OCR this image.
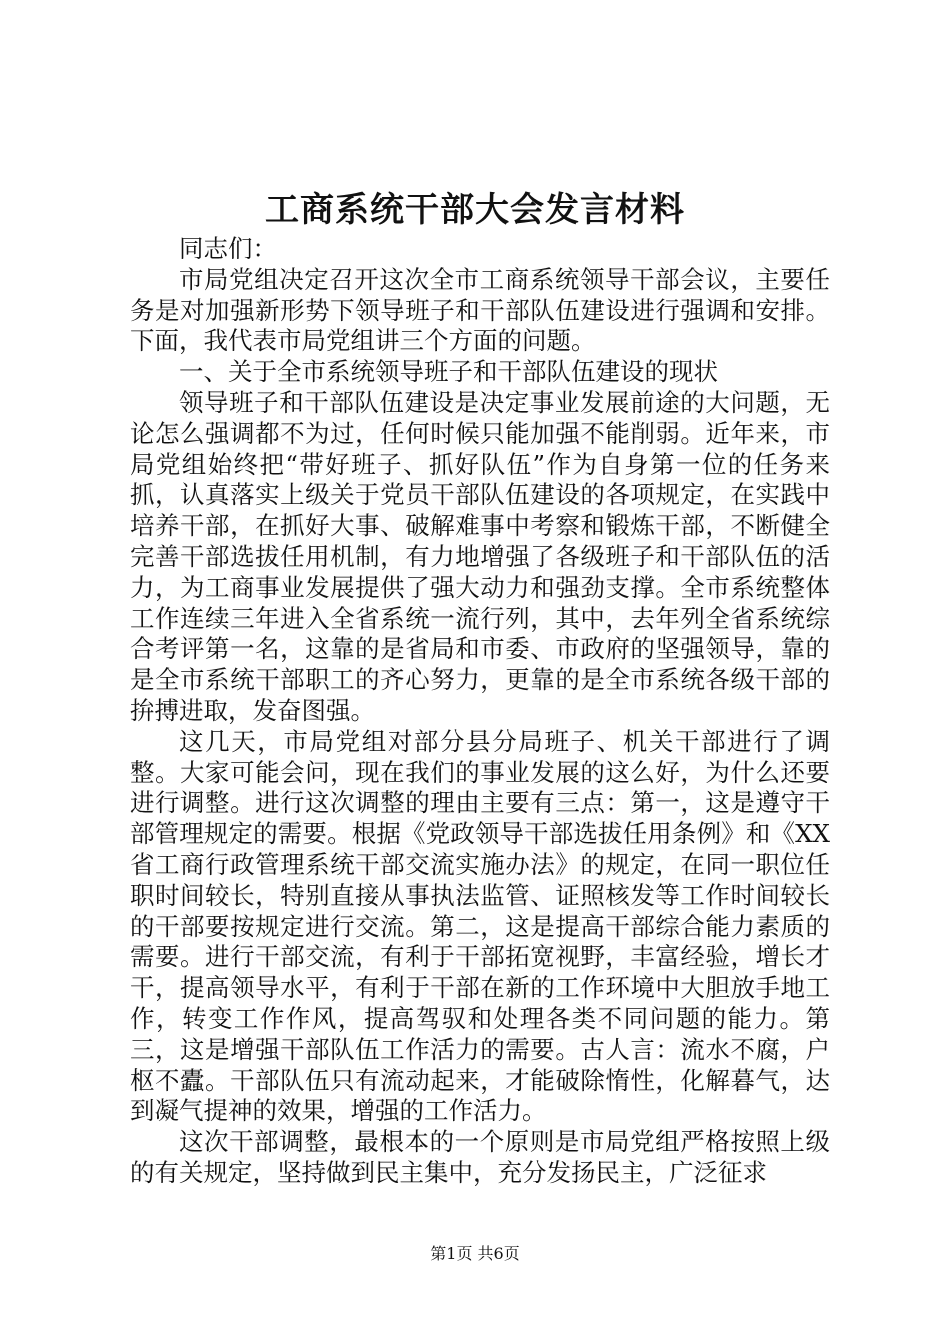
工商系统干部大会发言材料

同志们：

市局党组决定召开这次全市工商系统领导干部会议，主要任务是对加强新形势下领导班子和干部队伍建设进行强调和安排。下面，我代表市局党组讲三个方面的问题。

一、关于全市系统领导班子和干部队伍建设的现状

领导班子和干部队伍建设是决定事业发展前途的大问题，无论怎么强调都不为过，任何时候只能加强不能削弱。近年来，市局党组始终把“带好班子、抓好队伍”作为自身第一位的任务来抓，认真落实上级关于党员干部队伍建设的各项规定，在实践中培养干部，在抓好大事、破解难事中考察和锻炼干部，不断健全完善干部选拔任用机制，有力地增强了各级班子和干部队伍的活力，为工商事业发展提供了强大动力和强劲支撑。全市系统整体工作连续三年进入全省系统一流行列，其中，去年列全省系统综合考评第一名，这靠的是省局和市委、市政府的坚强领导，靠的是全市系统干部职工的齐心努力，更靠的是全市系统各级干部的拚搏进取，发奋图强。

这几天，市局党组对部分县分局班子、机关干部进行了调整。大家可能会问，现在我们的事业发展的这么好，为什么还要进行调整。进行这次调整的理由主要有三点：第一，这是遵守干部管理规定的需要。根据《党政领导干部选拔任用条例》和《XX省工商行政管理系统干部交流实施办法》的规定，在同一职位任职时间较长，特别直接从事执法监管、证照核发等工作时间较长的干部要按规定进行交流。第二，这是提高干部综合能力素质的需要。进行干部交流，有利于干部拓宽视野，丰富经验，增长才干，提高领导水平，有利于干部在新的工作环境中大胆放手地工作，转变工作作风，提高驾驭和处理各类不同问题的能力。第三，这是增强干部队伍工作活力的需要。古人言：流水不腐，户枢不蠹。干部队伍只有流动起来，才能破除惰性，化解暮气，达到凝气提神的效果，增强的工作活力。

这次干部调整，最根本的一个原则是市局党组严格按照上级的有关规定，坚持做到民主集中，充分发扬民主，广泛征求

第1页 共6页
